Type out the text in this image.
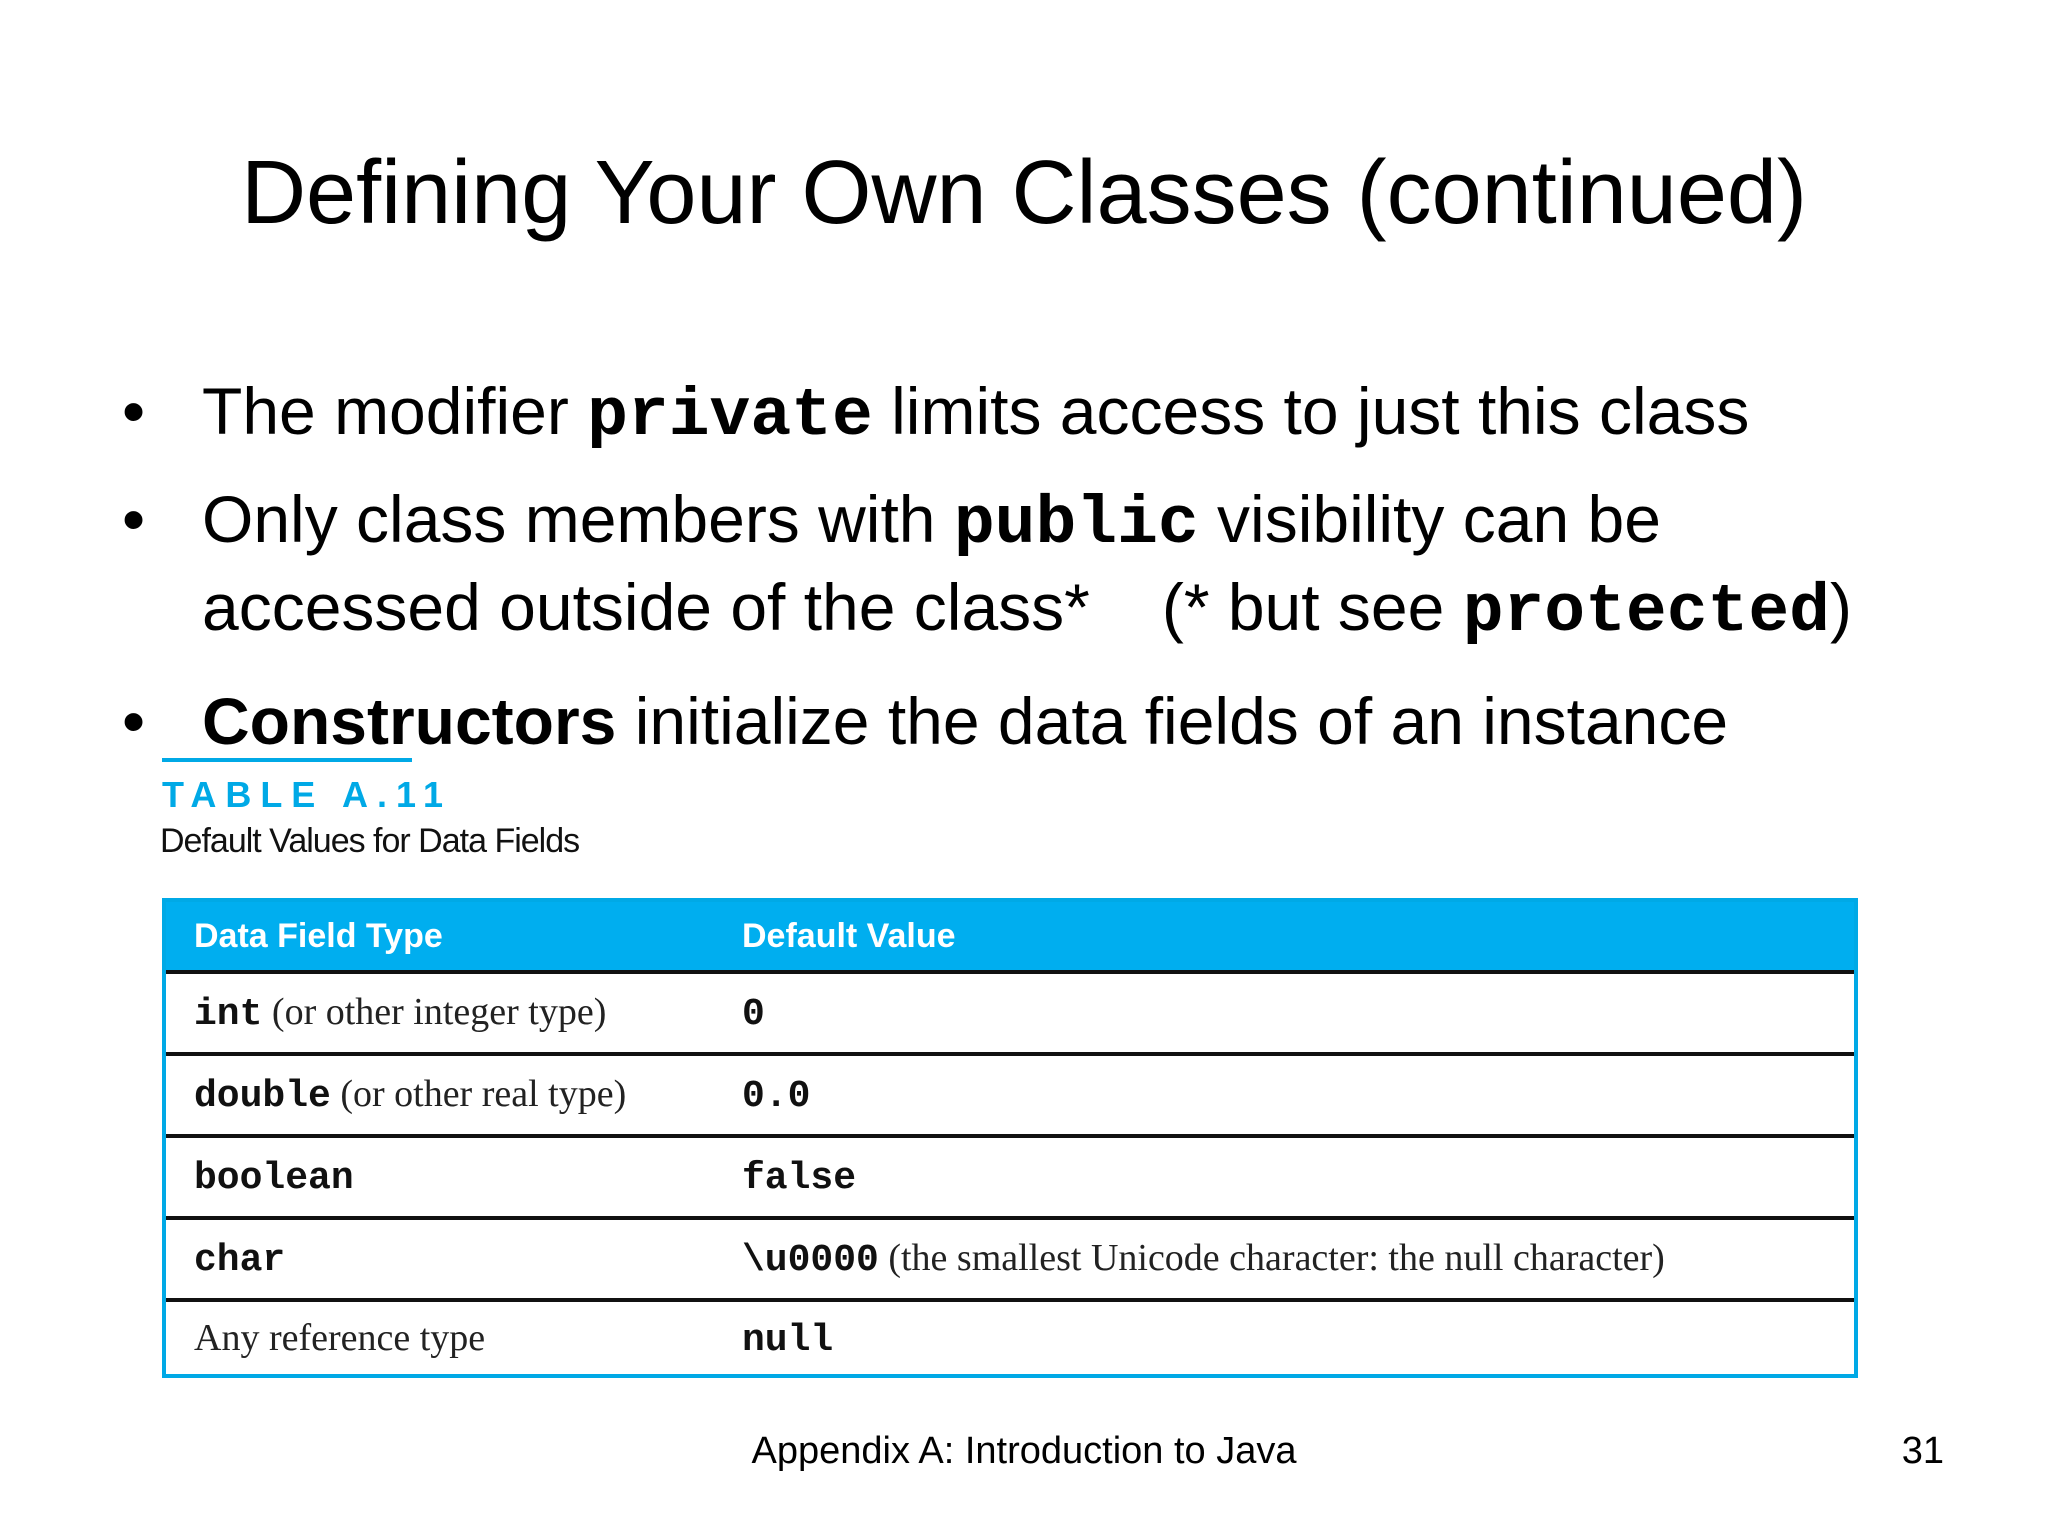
Defining Your Own Classes (continued)
• The modifier private limits access to just this class
• Only class members with public visibility can be
accessed outside of the class* (* but see protected)
• Constructors initialize the data fields of an instance
TABLE A.11
Default Values for Data Fields
Data Field Type	Default Value
int (or other integer type)	0
double (or other real type)	0.0
boolean	false
char	\u0000 (the smallest Unicode character: the null character)
Any reference type	null
Appendix A: Introduction to Java	31
